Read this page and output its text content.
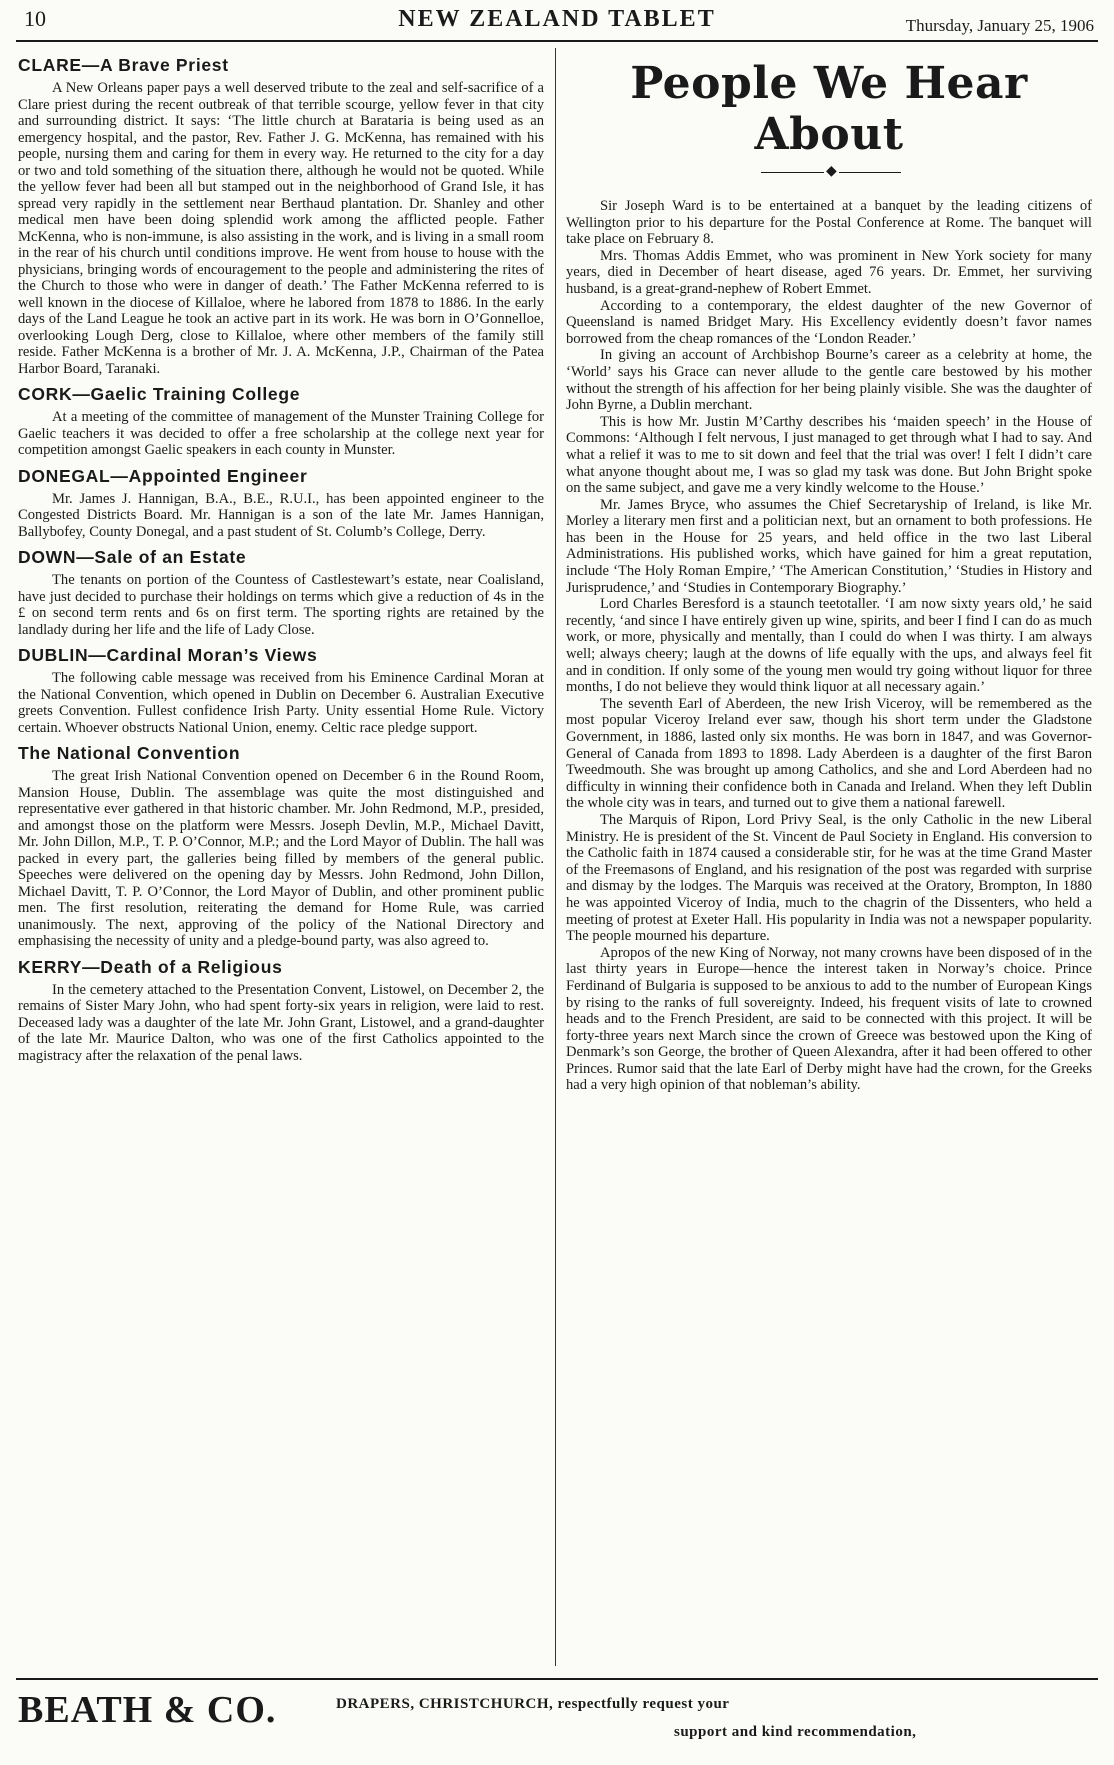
10	NEW ZEALAND TABLET	Thursday, January 25, 1906
CLARE—A Brave Priest

A New Orleans paper pays a well deserved tribute to the zeal and self-sacrifice of a Clare priest during the recent outbreak of that terrible scourge, yellow fever in that city and surrounding district. It says: ‘The little church at Barataria is being used as an emergency hospital, and the pastor, Rev. Father J. G. McKenna, has remained with his people, nursing them and caring for them in every way. He returned to the city for a day or two and told something of the situation there, although he would not be quoted. While the yellow fever had been all but stamped out in the neighborhood of Grand Isle, it has spread very rapidly in the settlement near Berthaud plantation. Dr. Shanley and other medical men have been doing splendid work among the afflicted people. Father McKenna, who is non-immune, is also assisting in the work, and is living in a small room in the rear of his church until conditions improve. He went from house to house with the physicians, bringing words of encouragement to the people and administering the rites of the Church to those who were in danger of death.’ The Father McKenna referred to is well known in the diocese of Killaloe, where he labored from 1878 to 1886. In the early days of the Land League he took an active part in its work. He was born in O’Gonnelloe, overlooking Lough Derg, close to Killaloe, where other members of the family still reside. Father McKenna is a brother of Mr. J. A. McKenna, J.P., Chairman of the Patea Harbor Board, Taranaki.

CORK—Gaelic Training College

At a meeting of the committee of management of the Munster Training College for Gaelic teachers it was decided to offer a free scholarship at the college next year for competition amongst Gaelic speakers in each county in Munster.

DONEGAL—Appointed Engineer

Mr. James J. Hannigan, B.A., B.E., R.U.I., has been appointed engineer to the Congested Districts Board. Mr. Hannigan is a son of the late Mr. James Hannigan, Ballybofey, County Donegal, and a past student of St. Columb’s College, Derry.

DOWN—Sale of an Estate

The tenants on portion of the Countess of Castlestewart’s estate, near Coalisland, have just decided to purchase their holdings on terms which give a reduction of 4s in the £ on second term rents and 6s on first term. The sporting rights are retained by the landlady during her life and the life of Lady Close.

DUBLIN—Cardinal Moran’s Views

The following cable message was received from his Eminence Cardinal Moran at the National Convention, which opened in Dublin on December 6. Australian Executive greets Convention. Fullest confidence Irish Party. Unity essential Home Rule. Victory certain. Whoever obstructs National Union, enemy. Celtic race pledge support.

The National Convention

The great Irish National Convention opened on December 6 in the Round Room, Mansion House, Dublin. The assemblage was quite the most distinguished and representative ever gathered in that historic chamber. Mr. John Redmond, M.P., presided, and amongst those on the platform were Messrs. Joseph Devlin, M.P., Michael Davitt, Mr. John Dillon, M.P., T. P. O’Connor, M.P.; and the Lord Mayor of Dublin. The hall was packed in every part, the galleries being filled by members of the general public. Speeches were delivered on the opening day by Messrs. John Redmond, John Dillon, Michael Davitt, T. P. O’Connor, the Lord Mayor of Dublin, and other prominent public men. The first resolution, reiterating the demand for Home Rule, was carried unanimously. The next, approving of the policy of the National Directory and emphasising the necessity of unity and a pledge-bound party, was also agreed to.

KERRY—Death of a Religious

In the cemetery attached to the Presentation Convent, Listowel, on December 2, the remains of Sister Mary John, who had spent forty-six years in religion, were laid to rest. Deceased lady was a daughter of the late Mr. John Grant, Listowel, and a grand-daughter of the late Mr. Maurice Dalton, who was one of the first Catholics appointed to the magistracy after the relaxation of the penal laws.

People We Hear About
◆

Sir Joseph Ward is to be entertained at a banquet by the leading citizens of Wellington prior to his departure for the Postal Conference at Rome. The banquet will take place on February 8.

Mrs. Thomas Addis Emmet, who was prominent in New York society for many years, died in December of heart disease, aged 76 years. Dr. Emmet, her surviving husband, is a great-grand-nephew of Robert Emmet.

According to a contemporary, the eldest daughter of the new Governor of Queensland is named Bridget Mary. His Excellency evidently doesn’t favor names borrowed from the cheap romances of the ‘London Reader.’

In giving an account of Archbishop Bourne’s career as a celebrity at home, the ‘World’ says his Grace can never allude to the gentle care bestowed by his mother without the strength of his affection for her being plainly visible. She was the daughter of John Byrne, a Dublin merchant.

This is how Mr. Justin M’Carthy describes his ‘maiden speech’ in the House of Commons: ‘Although I felt nervous, I just managed to get through what I had to say. And what a relief it was to me to sit down and feel that the trial was over! I felt I didn’t care what anyone thought about me, I was so glad my task was done. But John Bright spoke on the same subject, and gave me a very kindly welcome to the House.’

Mr. James Bryce, who assumes the Chief Secretaryship of Ireland, is like Mr. Morley a literary men first and a politician next, but an ornament to both professions. He has been in the House for 25 years, and held office in the two last Liberal Administrations. His published works, which have gained for him a great reputation, include ‘The Holy Roman Empire,’ ‘The American Constitution,’ ‘Studies in History and Jurisprudence,’ and ‘Studies in Contemporary Biography.’

Lord Charles Beresford is a staunch teetotaller. ‘I am now sixty years old,’ he said recently, ‘and since I have entirely given up wine, spirits, and beer I find I can do as much work, or more, physically and mentally, than I could do when I was thirty. I am always well; always cheery; laugh at the downs of life equally with the ups, and always feel fit and in condition. If only some of the young men would try going without liquor for three months, I do not believe they would think liquor at all necessary again.’

The seventh Earl of Aberdeen, the new Irish Viceroy, will be remembered as the most popular Viceroy Ireland ever saw, though his short term under the Gladstone Government, in 1886, lasted only six months. He was born in 1847, and was Governor-General of Canada from 1893 to 1898. Lady Aberdeen is a daughter of the first Baron Tweedmouth. She was brought up among Catholics, and she and Lord Aberdeen had no difficulty in winning their confidence both in Canada and Ireland. When they left Dublin the whole city was in tears, and turned out to give them a national farewell.

The Marquis of Ripon, Lord Privy Seal, is the only Catholic in the new Liberal Ministry. He is president of the St. Vincent de Paul Society in England. His conversion to the Catholic faith in 1874 caused a considerable stir, for he was at the time Grand Master of the Freemasons of England, and his resignation of the post was regarded with surprise and dismay by the lodges. The Marquis was received at the Oratory, Brompton, In 1880 he was appointed Viceroy of India, much to the chagrin of the Dissenters, who held a meeting of protest at Exeter Hall. His popularity in India was not a newspaper popularity. The people mourned his departure.

Apropos of the new King of Norway, not many crowns have been disposed of in the last thirty years in Europe—hence the interest taken in Norway’s choice. Prince Ferdinand of Bulgaria is supposed to be anxious to add to the number of European Kings by rising to the ranks of full sovereignty. Indeed, his frequent visits of late to crowned heads and to the French President, are said to be connected with this project. It will be forty-three years next March since the crown of Greece was bestowed upon the King of Denmark’s son George, the brother of Queen Alexandra, after it had been offered to other Princes. Rumor said that the late Earl of Derby might have had the crown, for the Greeks had a very high opinion of that nobleman’s ability.

BEATH & CO.	DRAPERS, CHRISTCHURCH, respectfully request your
support and kind recommendation,
